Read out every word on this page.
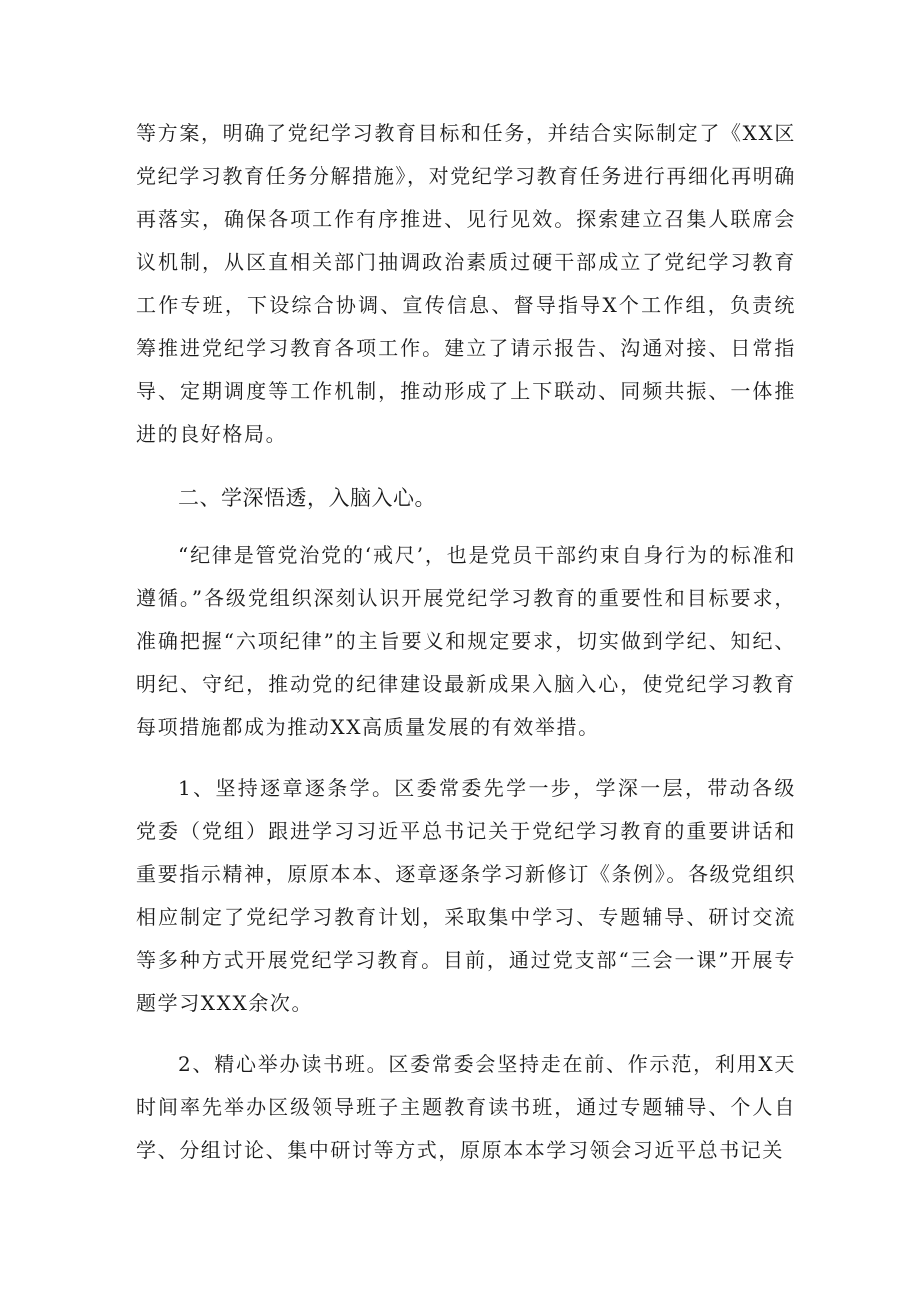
等方案，明确了党纪学习教育目标和任务，并结合实际制定了《XX区党纪学习教育任务分解措施》，对党纪学习教育任务进行再细化再明确再落实，确保各项工作有序推进、见行见效。探索建立召集人联席会议机制，从区直相关部门抽调政治素质过硬干部成立了党纪学习教育工作专班，下设综合协调、宣传信息、督导指导X个工作组，负责统筹推进党纪学习教育各项工作。建立了请示报告、沟通对接、日常指导、定期调度等工作机制，推动形成了上下联动、同频共振、一体推进的良好格局。

二、学深悟透，入脑入心。

“纪律是管党治党的‘戒尺’，也是党员干部约束自身行为的标准和遵循。”各级党组织深刻认识开展党纪学习教育的重要性和目标要求，准确把握“六项纪律”的主旨要义和规定要求，切实做到学纪、知纪、明纪、守纪，推动党的纪律建设最新成果入脑入心，使党纪学习教育每项措施都成为推动XX高质量发展的有效举措。

1、坚持逐章逐条学。区委常委先学一步，学深一层，带动各级党委（党组）跟进学习习近平总书记关于党纪学习教育的重要讲话和重要指示精神，原原本本、逐章逐条学习新修订《条例》。各级党组织相应制定了党纪学习教育计划，采取集中学习、专题辅导、研讨交流等多种方式开展党纪学习教育。目前，通过党支部“三会一课”开展专题学习XXX余次。

2、精心举办读书班。区委常委会坚持走在前、作示范，利用X天时间率先举办区级领导班子主题教育读书班，通过专题辅导、个人自学、分组讨论、集中研讨等方式，原原本本学习领会习近平总书记关
